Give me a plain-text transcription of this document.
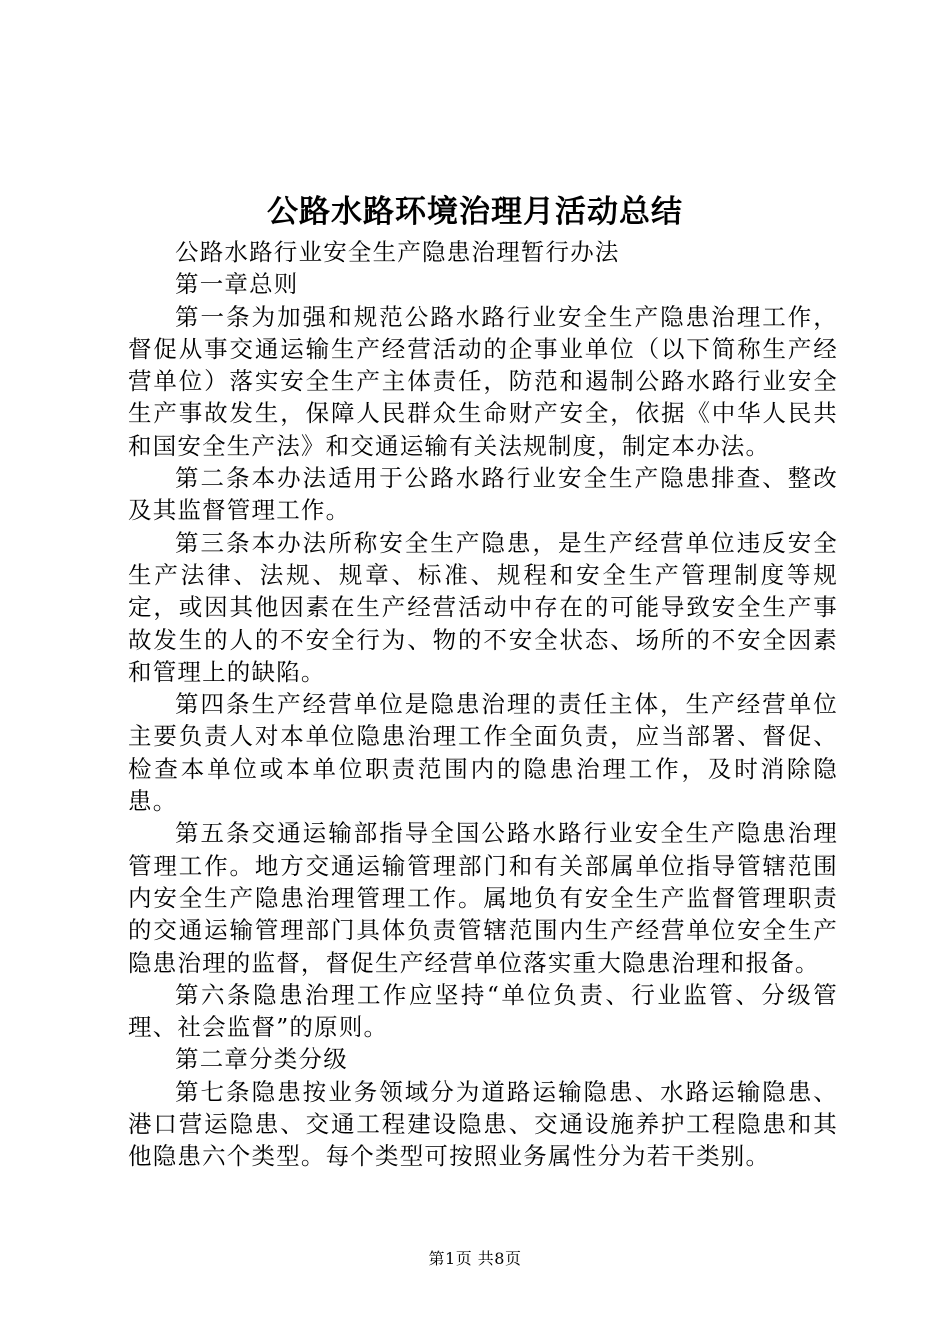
公路水路环境治理月活动总结

公路水路行业安全生产隐患治理暂行办法

第一章总则

第一条为加强和规范公路水路行业安全生产隐患治理工作，督促从事交通运输生产经营活动的企事业单位（以下简称生产经营单位）落实安全生产主体责任，防范和遏制公路水路行业安全生产事故发生，保障人民群众生命财产安全，依据《中华人民共和国安全生产法》和交通运输有关法规制度，制定本办法。

第二条本办法适用于公路水路行业安全生产隐患排查、整改及其监督管理工作。

第三条本办法所称安全生产隐患，是生产经营单位违反安全生产法律、法规、规章、标准、规程和安全生产管理制度等规定，或因其他因素在生产经营活动中存在的可能导致安全生产事故发生的人的不安全行为、物的不安全状态、场所的不安全因素和管理上的缺陷。

第四条生产经营单位是隐患治理的责任主体，生产经营单位主要负责人对本单位隐患治理工作全面负责，应当部署、督促、检查本单位或本单位职责范围内的隐患治理工作，及时消除隐患。

第五条交通运输部指导全国公路水路行业安全生产隐患治理管理工作。地方交通运输管理部门和有关部属单位指导管辖范围内安全生产隐患治理管理工作。属地负有安全生产监督管理职责的交通运输管理部门具体负责管辖范围内生产经营单位安全生产隐患治理的监督，督促生产经营单位落实重大隐患治理和报备。

第六条隐患治理工作应坚持“单位负责、行业监管、分级管理、社会监督”的原则。

第二章分类分级

第七条隐患按业务领域分为道路运输隐患、水路运输隐患、港口营运隐患、交通工程建设隐患、交通设施养护工程隐患和其他隐患六个类型。每个类型可按照业务属性分为若干类别。

第1页 共8页
